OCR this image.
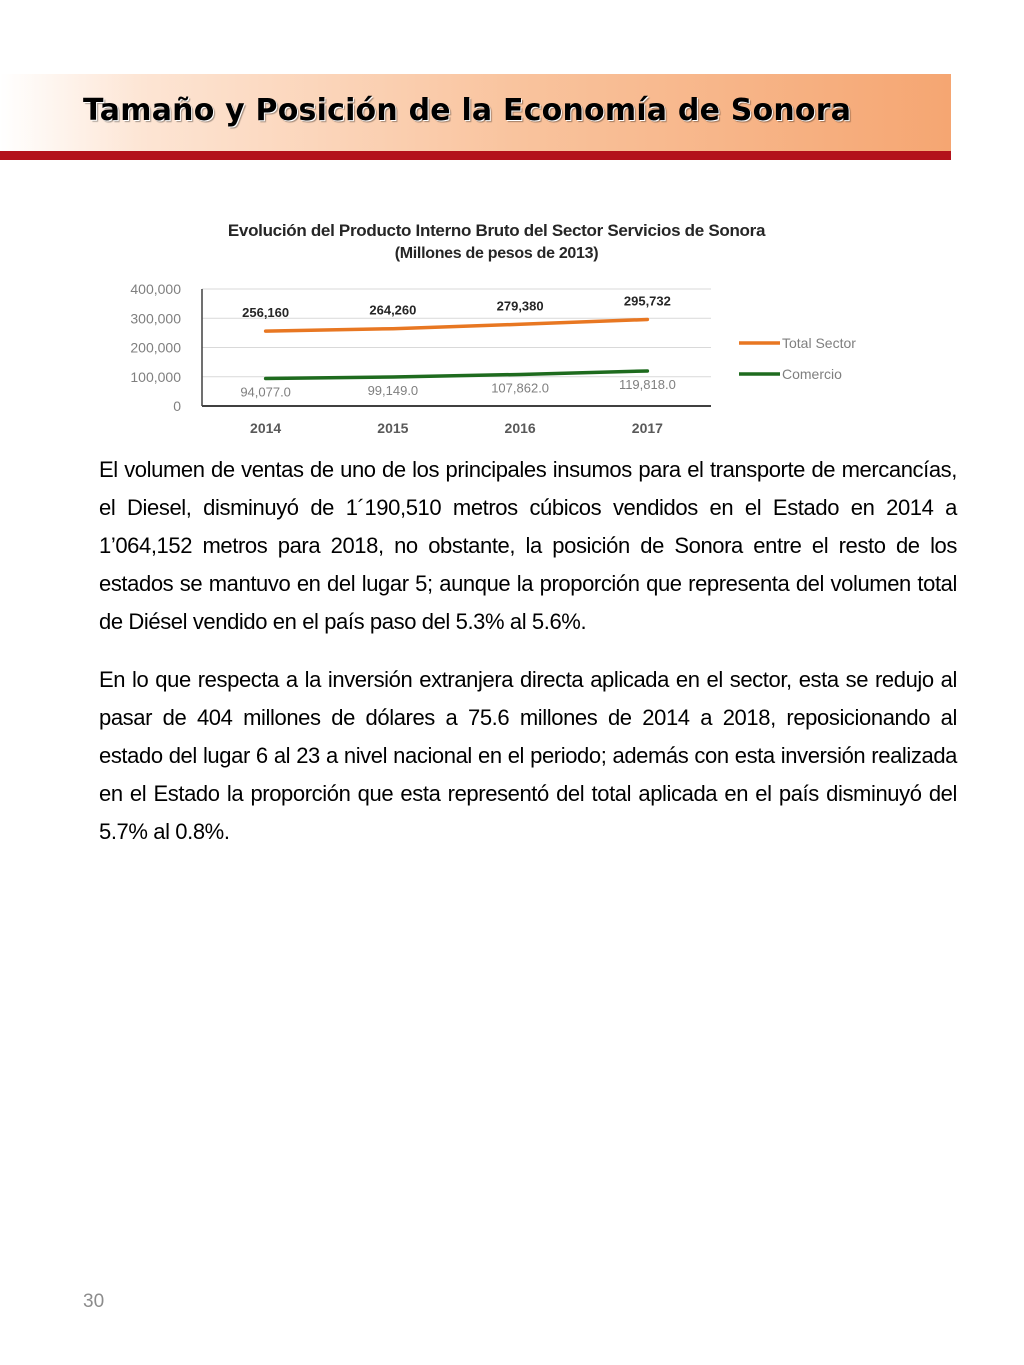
Tamaño y Posición de la Economía de Sonora
Evolución del Producto Interno Bruto del Sector Servicios de Sonora
(Millones de pesos de 2013)
0
100,000
200,000
300,000
400,000
2014	2015	2016	2017
256,160	264,260	279,380	295,732
94,077.0	99,149.0	107,862.0	119,818.0
Total Sector
Comercio

El volumen de ventas de uno de los principales insumos para el transporte de mercancías, el Diesel, disminuyó de 1´190,510 metros cúbicos vendidos en el Estado en 2014 a 1’064,152 metros para 2018, no obstante, la posición de Sonora entre el resto de los estados se mantuvo en del lugar 5; aunque la proporción que representa del volumen total de Diésel vendido en el país paso del 5.3% al 5.6%.

En lo que respecta a la inversión extranjera directa aplicada en el sector, esta se redujo al pasar de 404 millones de dólares a 75.6 millones de 2014 a 2018, reposicionando al estado del lugar 6 al 23 a nivel nacional en el periodo; además con esta inversión realizada en el Estado la proporción que esta representó del total aplicada en el país disminuyó del 5.7% al 0.8%.

30
